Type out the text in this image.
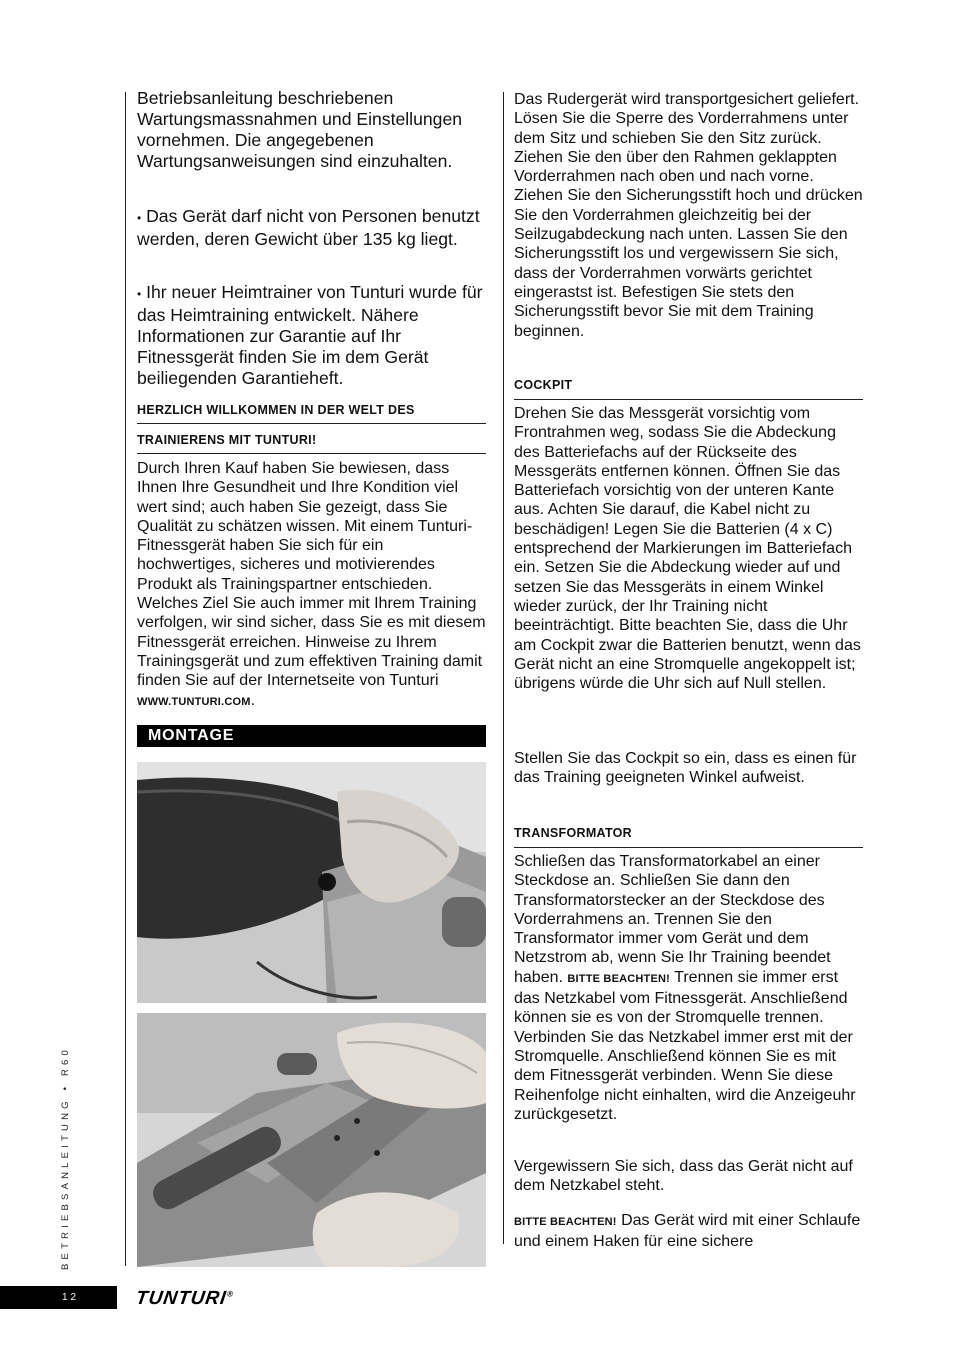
Betriebsanleitung beschriebenen Wartungsmassnahmen und Einstellungen vornehmen. Die angegebenen Wartungsanweisungen sind einzuhalten.

• Das Gerät darf nicht von Personen benutzt werden, deren Gewicht über 135 kg liegt.

• Ihr neuer Heimtrainer von Tunturi wurde für das Heimtraining entwickelt. Nähere Informationen zur Garantie auf Ihr Fitnessgerät finden Sie im dem Gerät beiliegenden Garantieheft.

HERZLICH WILLKOMMEN IN DER WELT DES
TRAINIERENS MIT TUNTURI!

Durch Ihren Kauf haben Sie bewiesen, dass Ihnen Ihre Gesundheit und Ihre Kondition viel wert sind; auch haben Sie gezeigt, dass Sie Qualität zu schätzen wissen. Mit einem Tunturi-Fitnessgerät haben Sie sich für ein hochwertiges, sicheres und motivierendes Produkt als Trainingspartner entschieden. Welches Ziel Sie auch immer mit Ihrem Training verfolgen, wir sind sicher, dass Sie es mit diesem Fitnessgerät erreichen. Hinweise zu Ihrem Trainingsgerät und zum effektiven Training damit finden Sie auf der Internetseite von Tunturi WWW.TUNTURI.COM.

MONTAGE

Das Rudergerät wird transportgesichert geliefert. Lösen Sie die Sperre des Vorderrahmens unter dem Sitz und schieben Sie den Sitz zurück. Ziehen Sie den über den Rahmen geklappten Vorderrahmen nach oben und nach vorne. Ziehen Sie den Sicherungsstift hoch und drücken Sie den Vorderrahmen gleichzeitig bei der Seilzugabdeckung nach unten. Lassen Sie den Sicherungsstift los und vergewissern Sie sich, dass der Vorderrahmen vorwärts gerichtet eingerastst ist. Befestigen Sie stets den Sicherungsstift bevor Sie mit dem Training beginnen.

COCKPIT

Drehen Sie das Messgerät vorsichtig vom Frontrahmen weg, sodass Sie die Abdeckung des Batteriefachs auf der Rückseite des Messgeräts entfernen können. Öffnen Sie das Batteriefach vorsichtig von der unteren Kante aus. Achten Sie darauf, die Kabel nicht zu beschädigen! Legen Sie die Batterien (4 x C) entsprechend der Markierungen im Batteriefach ein. Setzen Sie die Abdeckung wieder auf und setzen Sie das Messgeräts in einem Winkel wieder zurück, der Ihr Training nicht beeinträchtigt. Bitte beachten Sie, dass die Uhr am Cockpit zwar die Batterien benutzt, wenn das Gerät nicht an eine Stromquelle angekoppelt ist; übrigens würde die Uhr sich auf Null stellen.

Stellen Sie das Cockpit so ein, dass es einen für das Training geeigneten Winkel aufweist.

TRANSFORMATOR

Schließen das Transformatorkabel an einer Steckdose an. Schließen Sie dann den Transformatorstecker an der Steckdose des Vorderrahmens an. Trennen Sie den Transformator immer vom Gerät und dem Netzstrom ab, wenn Sie Ihr Training beendet haben. BITTE BEACHTEN! Trennen sie immer erst das Netzkabel vom Fitnessgerät. Anschließend können sie es von der Stromquelle trennen. Verbinden Sie das Netzkabel immer erst mit der Stromquelle. Anschließend können Sie es mit dem Fitnessgerät verbinden. Wenn Sie diese Reihenfolge nicht einhalten, wird die Anzeigeuhr zurückgesetzt.

Vergewissern Sie sich, dass das Gerät nicht auf dem Netzkabel steht.

BITTE BEACHTEN! Das Gerät wird mit einer Schlaufe und einem Haken für eine sichere

BETRIEBSANLEITUNG • R60
12	TUNTURI®
